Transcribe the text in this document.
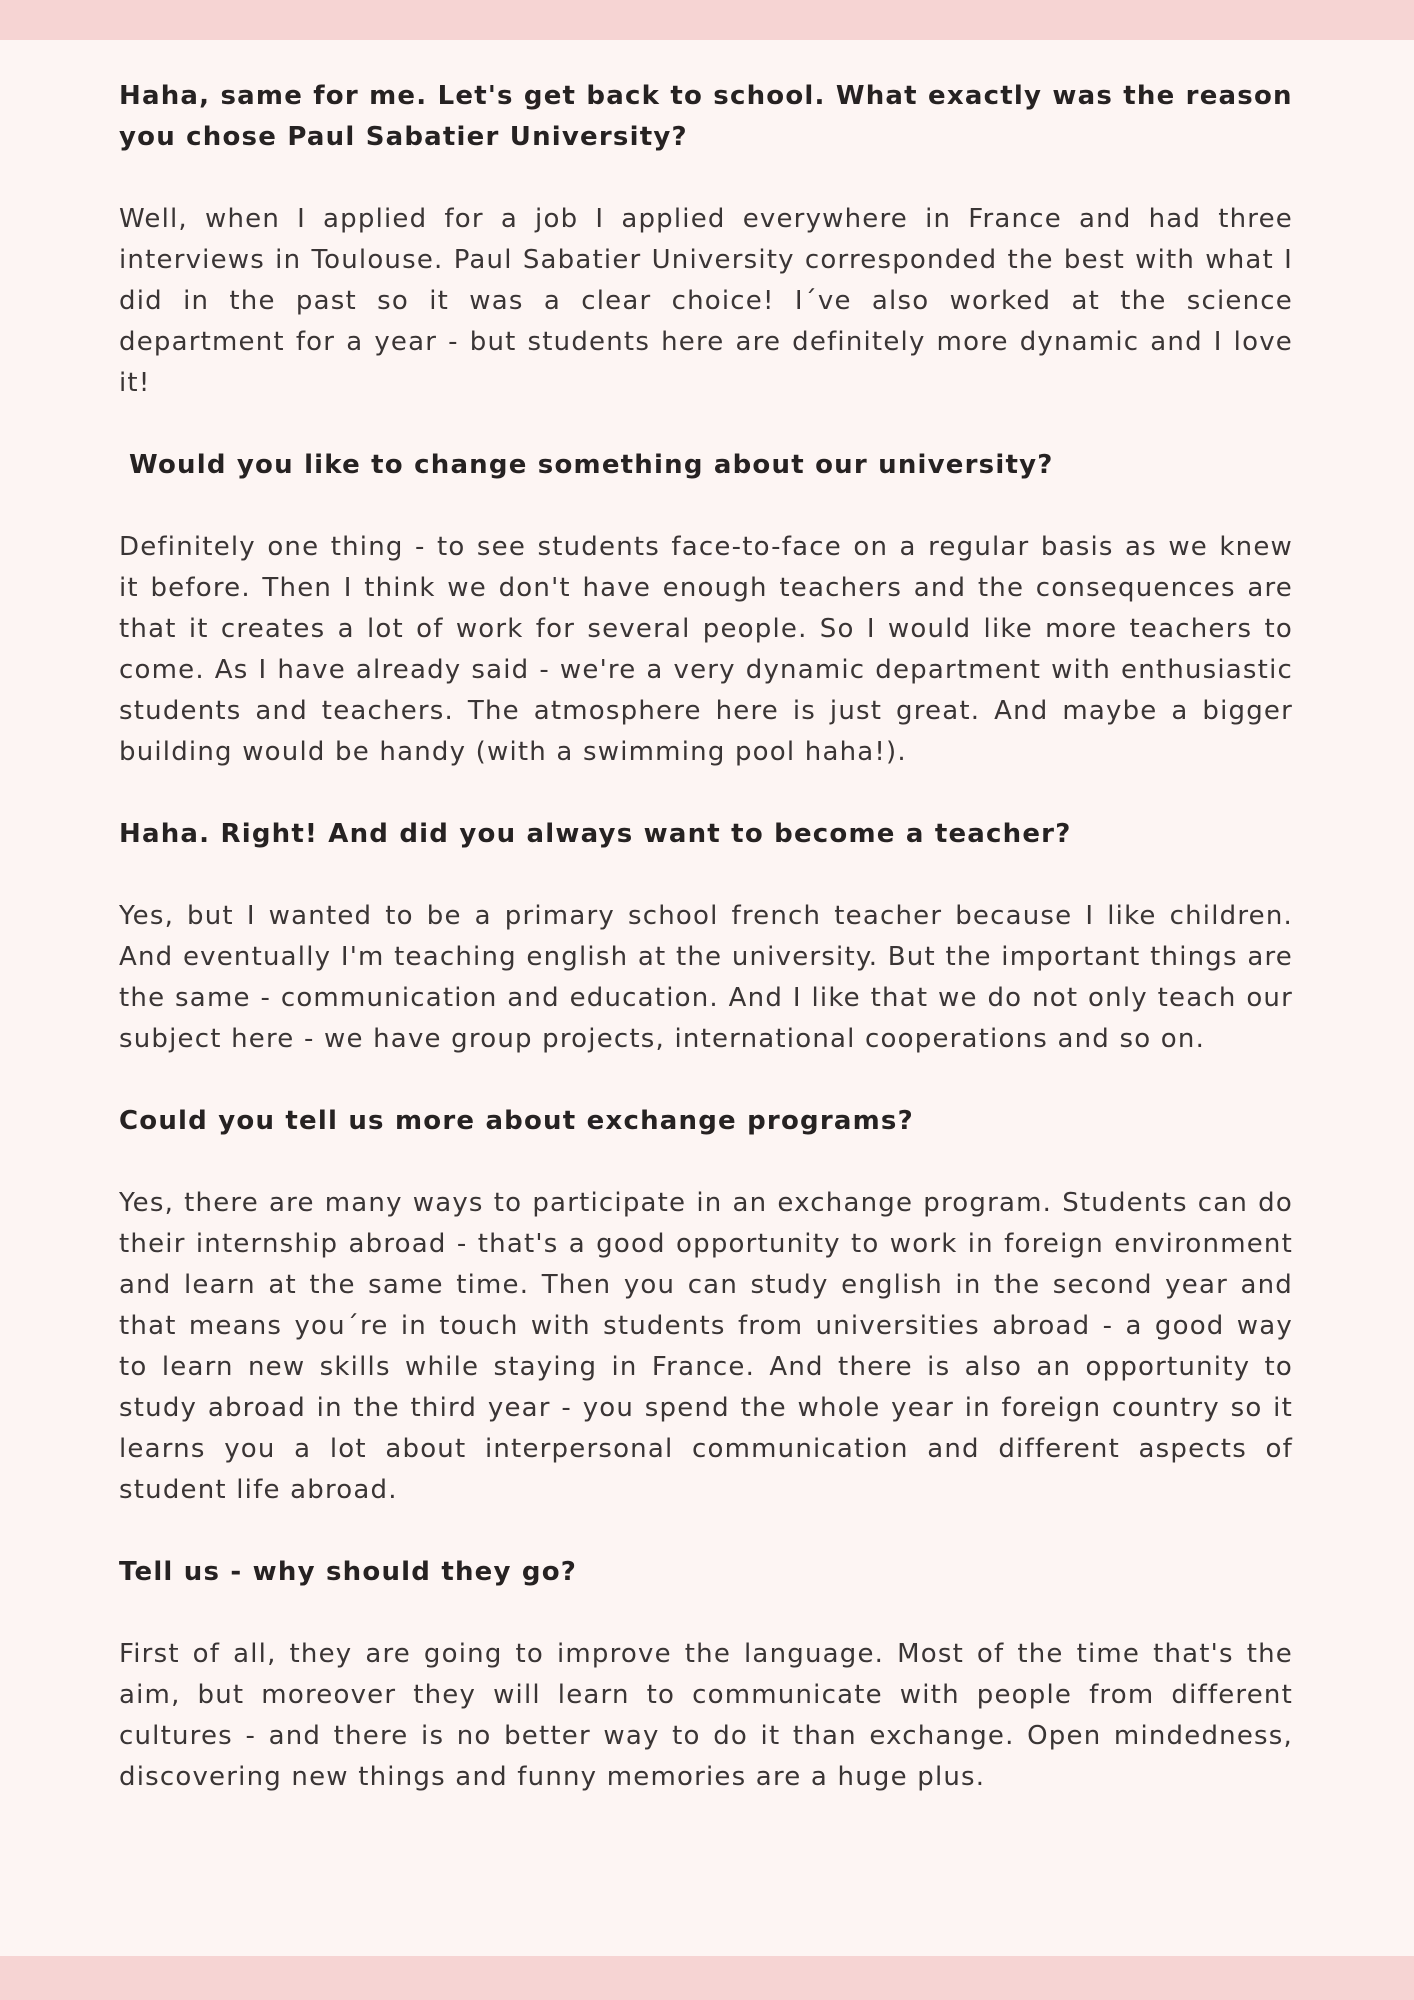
Haha, same for me. Let's get back to school. What exactly was the reason you chose Paul Sabatier University?

Well, when I applied for a job I applied everywhere in France and had three interviews in Toulouse. Paul Sabatier University corresponded the best with what I did in the past so it was a clear choice! I´ve also worked at the science department for a year - but students here are definitely more dynamic and I love it!

Would you like to change something about our university?

Definitely one thing - to see students face-to-face on a regular basis as we knew it before. Then I think we don't have enough teachers and the consequences are that it creates a lot of work for several people. So I would like more teachers to come. As I have already said - we're a very dynamic department with enthusiastic students and teachers. The atmosphere here is just great. And maybe a bigger building would be handy (with a swimming pool haha!).

Haha. Right! And did you always want to become a teacher?

Yes, but I wanted to be a primary school french teacher because I like children. And eventually I'm teaching english at the university. But the important things are the same - communication and education. And I like that we do not only teach our subject here - we have group projects, international cooperations and so on.

Could you tell us more about exchange programs?

Yes, there are many ways to participate in an exchange program. Students can do their internship abroad - that's a good opportunity to work in foreign environment and learn at the same time. Then you can study english in the second year and that means you´re in touch with students from universities abroad - a good way to learn new skills while staying in France. And there is also an opportunity to study abroad in the third year - you spend the whole year in foreign country so it learns you a lot about interpersonal communication and different aspects of student life abroad.

Tell us - why should they go?

First of all, they are going to improve the language. Most of the time that's the aim, but moreover they will learn to communicate with people from different cultures - and there is no better way to do it than exchange. Open mindedness, discovering new things and funny memories are a huge plus.
